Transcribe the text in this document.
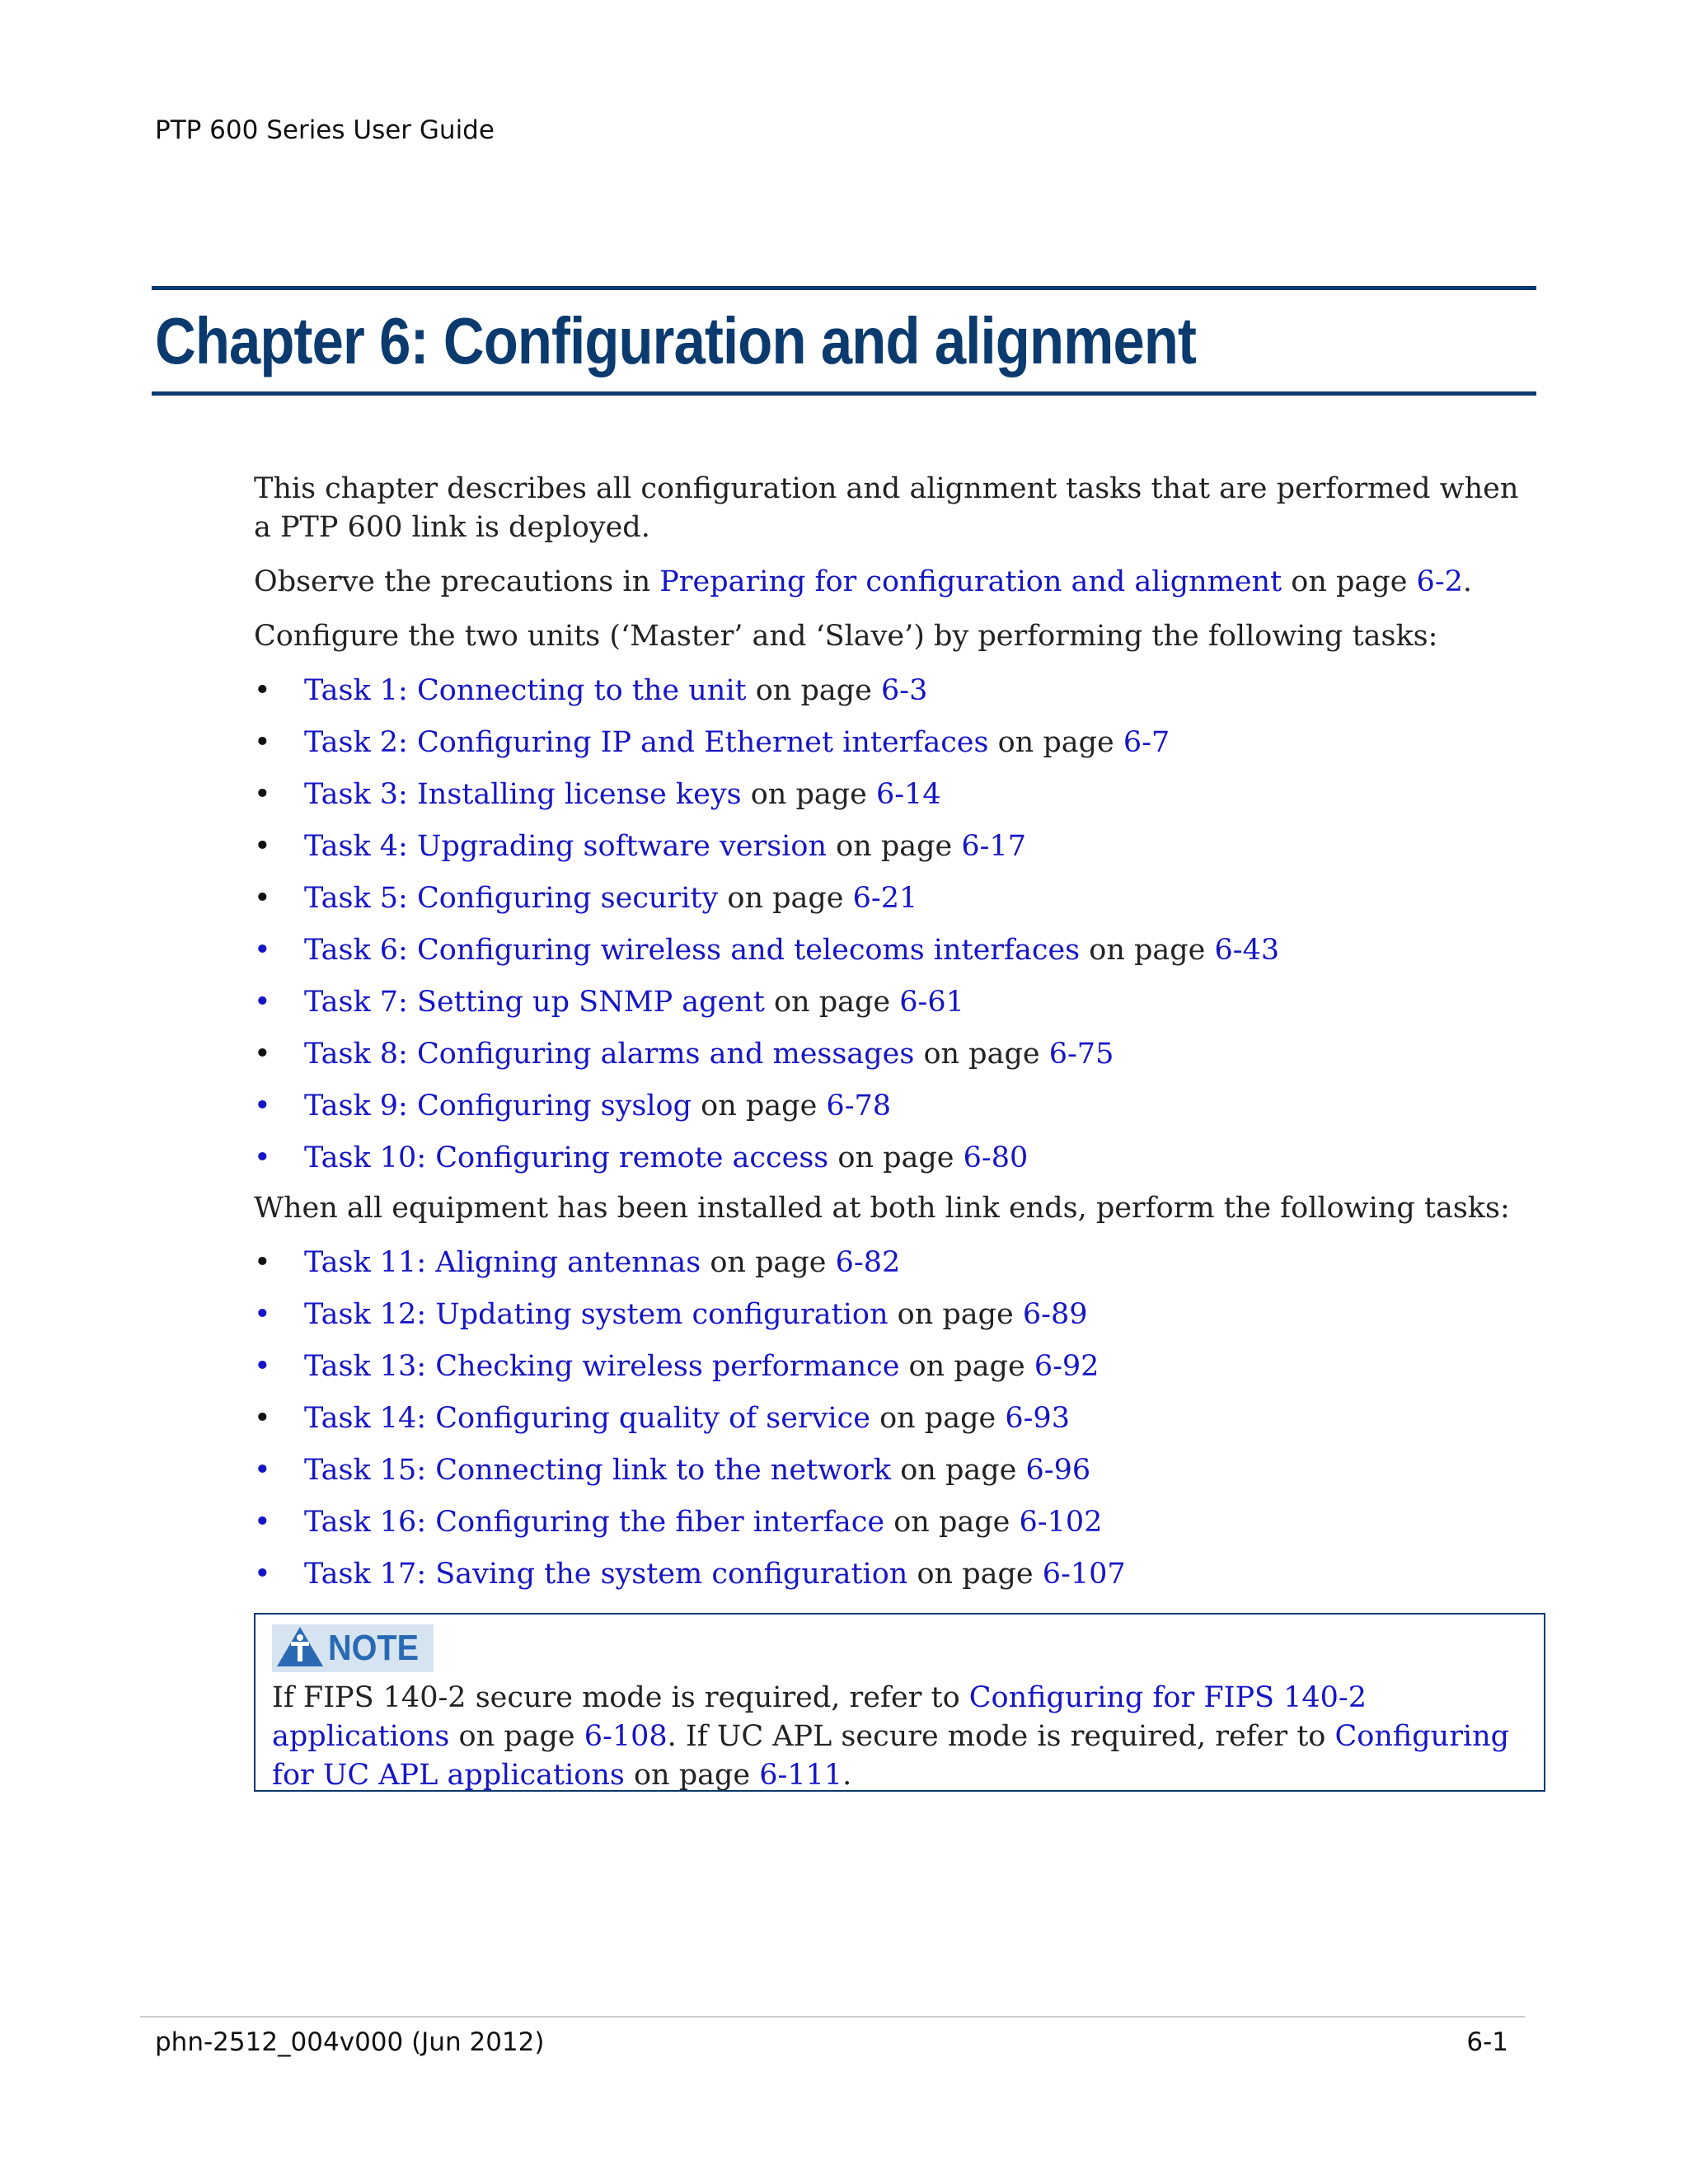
PTP 600 Series User Guide
Chapter 6: Configuration and alignment

This chapter describes all configuration and alignment tasks that are performed when a PTP 600 link is deployed.

Observe the precautions in Preparing for configuration and alignment on page 6-2.

Configure the two units (‘Master’ and ‘Slave’) by performing the following tasks:

• Task 1: Connecting to the unit on page 6-3
• Task 2: Configuring IP and Ethernet interfaces on page 6-7
• Task 3: Installing license keys on page 6-14
• Task 4: Upgrading software version on page 6-17
• Task 5: Configuring security on page 6-21
• Task 6: Configuring wireless and telecoms interfaces on page 6-43
• Task 7: Setting up SNMP agent on page 6-61
• Task 8: Configuring alarms and messages on page 6-75
• Task 9: Configuring syslog on page 6-78
• Task 10: Configuring remote access on page 6-80

When all equipment has been installed at both link ends, perform the following tasks:

• Task 11: Aligning antennas on page 6-82
• Task 12: Updating system configuration on page 6-89
• Task 13: Checking wireless performance on page 6-92
• Task 14: Configuring quality of service on page 6-93
• Task 15: Connecting link to the network on page 6-96
• Task 16: Configuring the fiber interface on page 6-102
• Task 17: Saving the system configuration on page 6-107
NOTE
If FIPS 140-2 secure mode is required, refer to Configuring for FIPS 140-2 applications on page 6-108. If UC APL secure mode is required, refer to Configuring for UC APL applications on page 6-111.
phn-2512_004v000 (Jun 2012)	6-1
